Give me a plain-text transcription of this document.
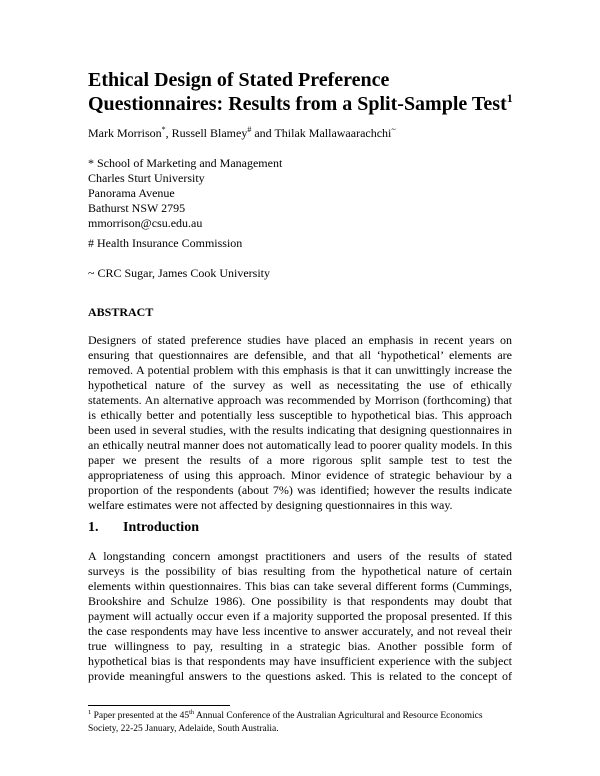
Ethical Design of Stated Preference
Questionnaires: Results from a Split-Sample Test$^1$
Mark Morrison*, Russell Blamey# and Thilak Mallawaarachchi~
* School of Marketing and Management
Charles Sturt University
Panorama Avenue
Bathurst NSW 2795
mmorrison@csu.edu.au
# Health Insurance Commission
~ CRC Sugar, James Cook University
ABSTRACT
Designers of stated preference studies have placed an emphasis in recent years on
ensuring that questionnaires are defensible, and that all ‘hypothetical’ elements are
removed. A potential problem with this emphasis is that it can unwittingly increase the
hypothetical nature of the survey as well as necessitating the use of ethically
statements. An alternative approach was recommended by Morrison (forthcoming) that
is ethically better and potentially less susceptible to hypothetical bias. This approach
been used in several studies, with the results indicating that designing questionnaires in
an ethically neutral manner does not automatically lead to poorer quality models. In this
paper we present the results of a more rigorous split sample test to test the
appropriateness of using this approach. Minor evidence of strategic behaviour by a
proportion of the respondents (about 7%) was identified; however the results indicate
welfare estimates were not affected by designing questionnaires in this way.
1. Introduction
A longstanding concern amongst practitioners and users of the results of stated
surveys is the possibility of bias resulting from the hypothetical nature of certain
elements within questionnaires. This bias can take several different forms (Cummings,
Brookshire and Schulze 1986). One possibility is that respondents may doubt that
payment will actually occur even if a majority supported the proposal presented. If this
the case respondents may have less incentive to answer accurately, and not reveal their
true willingness to pay, resulting in a strategic bias. Another possible form of
hypothetical bias is that respondents may have insufficient experience with the subject
provide meaningful answers to the questions asked. This is related to the concept of
$^1$ Paper presented at the 45th Annual Conference of the Australian Agricultural and Resource Economics
Society, 22-25 January, Adelaide, South Australia.
